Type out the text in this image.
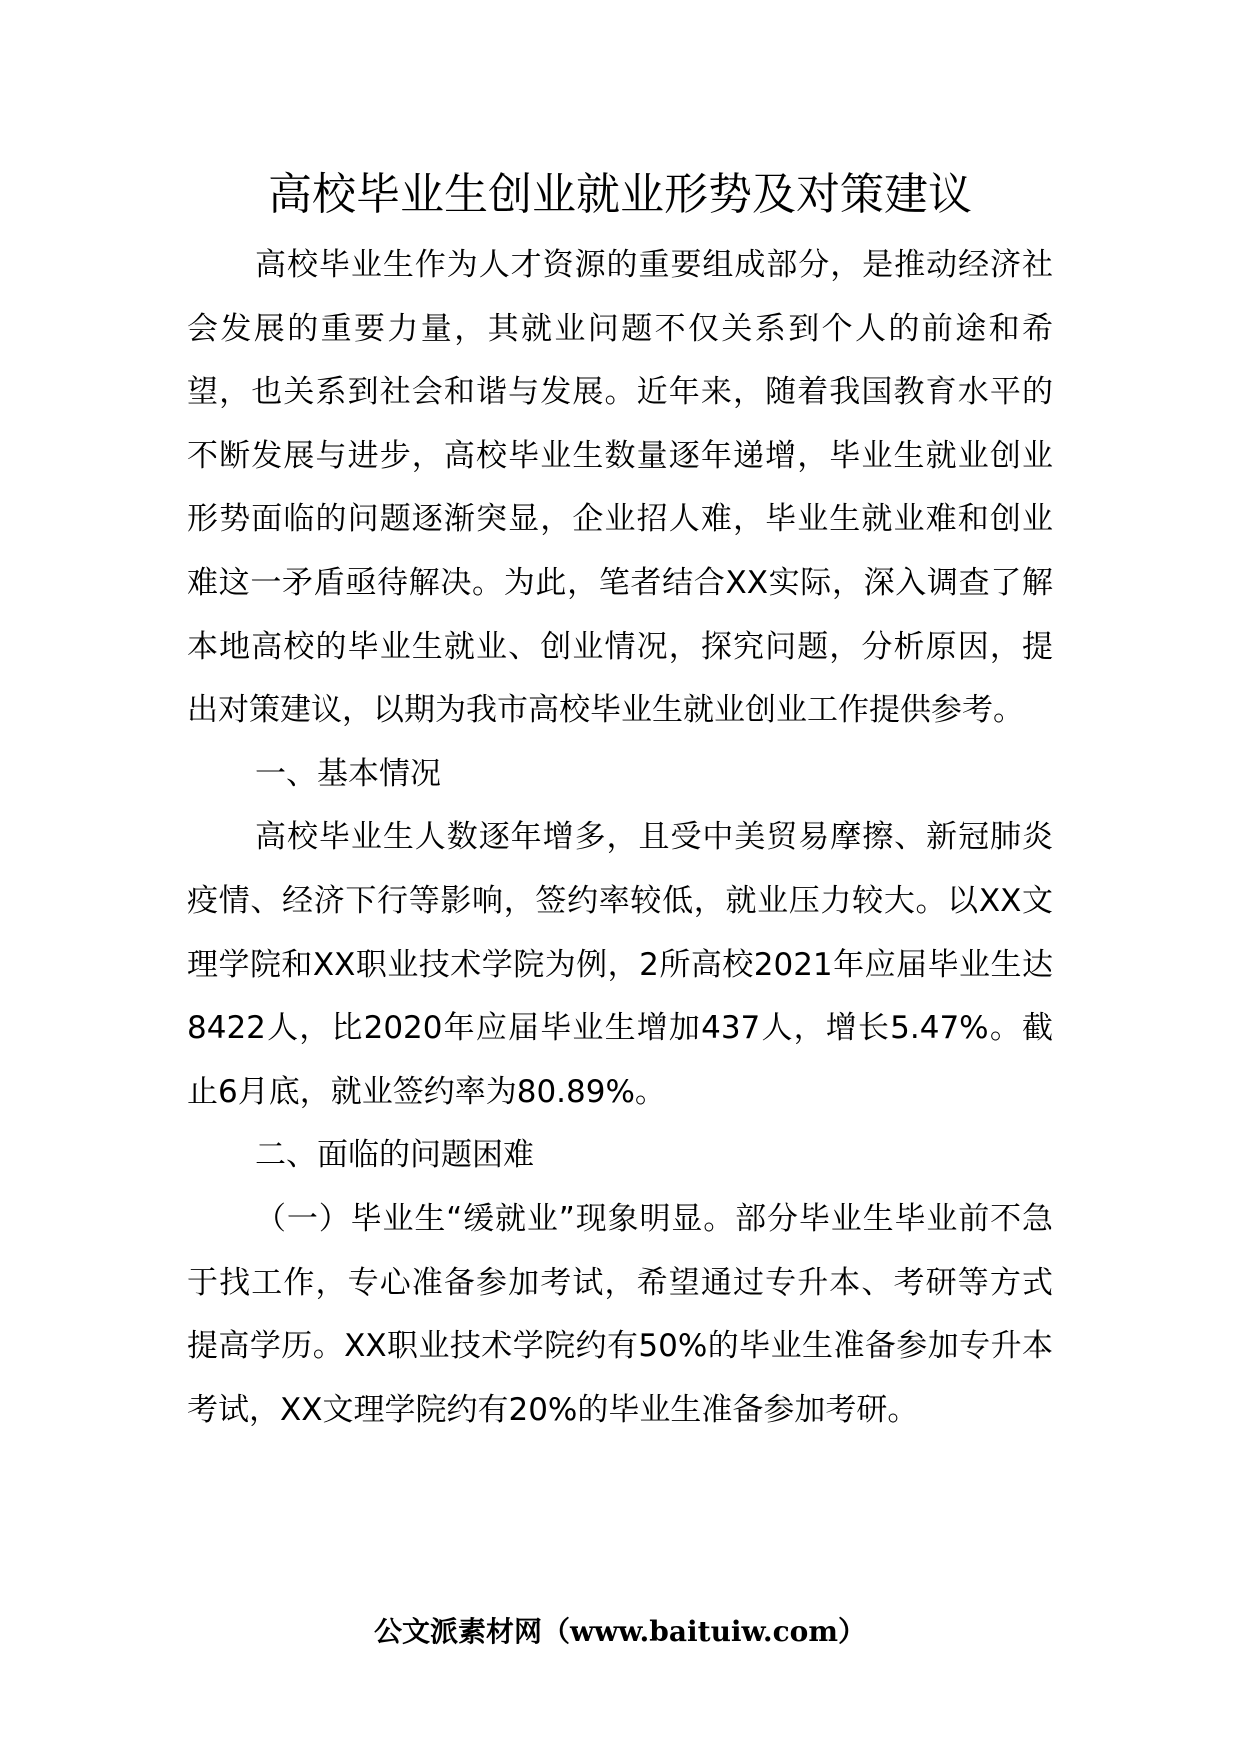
高校毕业生创业就业形势及对策建议

高校毕业生作为人才资源的重要组成部分，是推动经济社会发展的重要力量，其就业问题不仅关系到个人的前途和希望，也关系到社会和谐与发展。近年来，随着我国教育水平的不断发展与进步，高校毕业生数量逐年递增，毕业生就业创业形势面临的问题逐渐突显，企业招人难，毕业生就业难和创业难这一矛盾亟待解决。为此，笔者结合XX实际，深入调查了解本地高校的毕业生就业、创业情况，探究问题，分析原因，提出对策建议，以期为我市高校毕业生就业创业工作提供参考。

一、基本情况

高校毕业生人数逐年增多，且受中美贸易摩擦、新冠肺炎疫情、经济下行等影响，签约率较低，就业压力较大。以XX文理学院和XX职业技术学院为例，2所高校2021年应届毕业生达8422人，比2020年应届毕业生增加437人，增长5.47%。截止6月底，就业签约率为80.89%。

二、面临的问题困难

（一）毕业生“缓就业”现象明显。部分毕业生毕业前不急于找工作，专心准备参加考试，希望通过专升本、考研等方式提高学历。XX职业技术学院约有50%的毕业生准备参加专升本考试，XX文理学院约有20%的毕业生准备参加考研。

公文派素材网（www.baituiw.com）
